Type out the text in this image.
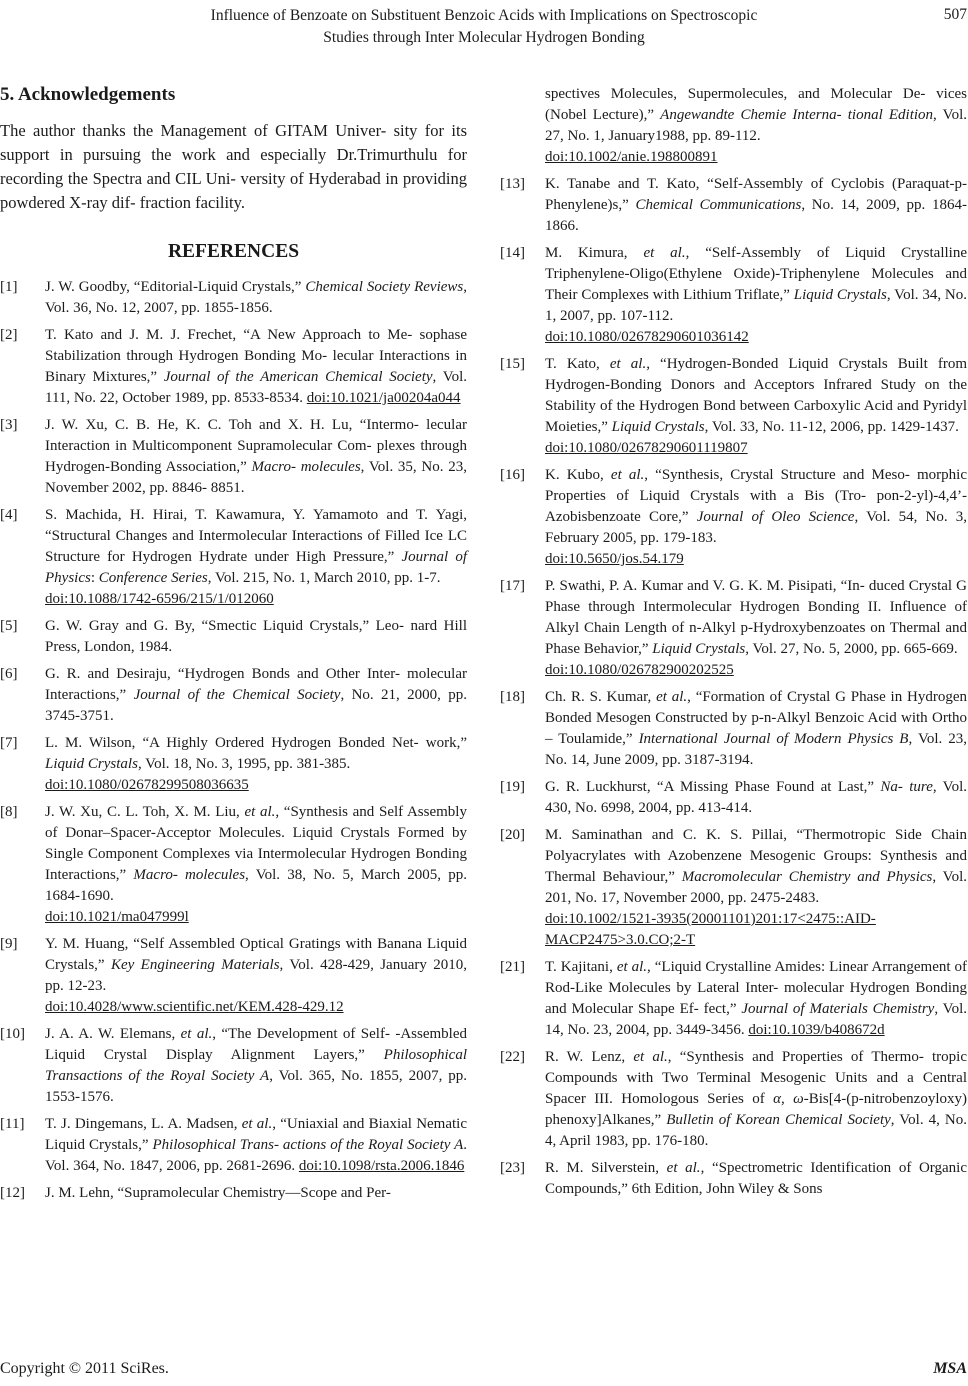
Influence of Benzoate on Substituent Benzoic Acids with Implications on Spectroscopic
Studies through Inter Molecular Hydrogen Bonding
507
5. Acknowledgements

The author thanks the Management of GITAM Univer- sity for its support in pursuing the work and especially Dr.Trimurthulu for recording the Spectra and CIL Uni- versity of Hyderabad in providing powdered X-ray dif- fraction facility.

REFERENCES
[1] J. W. Goodby, “Editorial-Liquid Crystals,” Chemical Society Reviews, Vol. 36, No. 12, 2007, pp. 1855-1856.
[2] T. Kato and J. M. J. Frechet, “A New Approach to Me- sophase Stabilization through Hydrogen Bonding Mo- lecular Interactions in Binary Mixtures,” Journal of the American Chemical Society, Vol. 111, No. 22, October 1989, pp. 8533-8534. doi:10.1021/ja00204a044
[3] J. W. Xu, C. B. He, K. C. Toh and X. H. Lu, “Intermo- lecular Interaction in Multicomponent Supramolecular Com- plexes through Hydrogen-Bonding Association,” Macro- molecules, Vol. 35, No. 23, November 2002, pp. 8846- 8851.
[4] S. Machida, H. Hirai, T. Kawamura, Y. Yamamoto and T. Yagi, “Structural Changes and Intermolecular Interactions of Filled Ice LC Structure for Hydrogen Hydrate under High Pressure,” Journal of Physics: Conference Series, Vol. 215, No. 1, March 2010, pp. 1-7.
doi:10.1088/1742-6596/215/1/012060
[5] G. W. Gray and G. By, “Smectic Liquid Crystals,” Leo- nard Hill Press, London, 1984.
[6] G. R. and Desiraju, “Hydrogen Bonds and Other Inter- molecular Interactions,” Journal of the Chemical Society, No. 21, 2000, pp. 3745-3751.
[7] L. M. Wilson, “A Highly Ordered Hydrogen Bonded Net- work,” Liquid Crystals, Vol. 18, No. 3, 1995, pp. 381-385.
doi:10.1080/02678299508036635
[8] J. W. Xu, C. L. Toh, X. M. Liu, et al., “Synthesis and Self Assembly of Donar–Spacer-Acceptor Molecules. Liquid Crystals Formed by Single Component Complexes via Intermolecular Hydrogen Bonding Interactions,” Macro- molecules, Vol. 38, No. 5, March 2005, pp. 1684-1690.
doi:10.1021/ma047999l
[9] Y. M. Huang, “Self Assembled Optical Gratings with Banana Liquid Crystals,” Key Engineering Materials, Vol. 428-429, January 2010, pp. 12-23.
doi:10.4028/www.scientific.net/KEM.428-429.12
[10] J. A. A. W. Elemans, et al., “The Development of Self- -Assembled Liquid Crystal Display Alignment Layers,” Philosophical Transactions of the Royal Society A, Vol. 365, No. 1855, 2007, pp. 1553-1576.
[11] T. J. Dingemans, L. A. Madsen, et al., “Uniaxial and Biaxial Nematic Liquid Crystals,” Philosophical Trans- actions of the Royal Society A. Vol. 364, No. 1847, 2006, pp. 2681-2696. doi:10.1098/rsta.2006.1846
[12] J. M. Lehn, “Supramolecular Chemistry—Scope and Per-
spectives Molecules, Supermolecules, and Molecular De- vices (Nobel Lecture),” Angewandte Chemie Interna- tional Edition, Vol. 27, No. 1, January1988, pp. 89-112.
doi:10.1002/anie.198800891
[13] K. Tanabe and T. Kato, “Self-Assembly of Cyclobis (Paraquat-p-Phenylene)s,” Chemical Communications, No. 14, 2009, pp. 1864-1866.
[14] M. Kimura, et al., “Self-Assembly of Liquid Crystalline Triphenylene-Oligo(Ethylene Oxide)-Triphenylene Molecules and Their Complexes with Lithium Triflate,” Liquid Crystals, Vol. 34, No. 1, 2007, pp. 107-112.
doi:10.1080/02678290601036142
[15] T. Kato, et al., “Hydrogen-Bonded Liquid Crystals Built from Hydrogen-Bonding Donors and Acceptors Infrared Study on the Stability of the Hydrogen Bond between Carboxylic Acid and Pyridyl Moieties,” Liquid Crystals, Vol. 33, No. 11-12, 2006, pp. 1429-1437.
doi:10.1080/02678290601119807
[16] K. Kubo, et al., “Synthesis, Crystal Structure and Meso- morphic Properties of Liquid Crystals with a Bis (Tro- pon-2-yl)-4,4’-Azobisbenzoate Core,” Journal of Oleo Science, Vol. 54, No. 3, February 2005, pp. 179-183.
doi:10.5650/jos.54.179
[17] P. Swathi, P. A. Kumar and V. G. K. M. Pisipati, “In- duced Crystal G Phase through Intermolecular Hydrogen Bonding II. Influence of Alkyl Chain Length of n-Alkyl p-Hydroxybenzoates on Thermal and Phase Behavior,” Liquid Crystals, Vol. 27, No. 5, 2000, pp. 665-669.
doi:10.1080/026782900202525
[18] Ch. R. S. Kumar, et al., “Formation of Crystal G Phase in Hydrogen Bonded Mesogen Constructed by p-n-Alkyl Benzoic Acid with Ortho – Toulamide,” International Journal of Modern Physics B, Vol. 23, No. 14, June 2009, pp. 3187-3194.
[19] G. R. Luckhurst, “A Missing Phase Found at Last,” Na- ture, Vol. 430, No. 6998, 2004, pp. 413-414.
[20] M. Saminathan and C. K. S. Pillai, “Thermotropic Side Chain Polyacrylates with Azobenzene Mesogenic Groups: Synthesis and Thermal Behaviour,” Macromolecular Chemistry and Physics, Vol. 201, No. 17, November 2000, pp. 2475-2483.
doi:10.1002/1521-3935(20001101)201:17<2475::AID-MACP2475>3.0.CO;2-T
[21] T. Kajitani, et al., “Liquid Crystalline Amides: Linear Arrangement of Rod-Like Molecules by Lateral Inter- molecular Hydrogen Bonding and Molecular Shape Ef- fect,” Journal of Materials Chemistry, Vol. 14, No. 23, 2004, pp. 3449-3456. doi:10.1039/b408672d
[22] R. W. Lenz, et al., “Synthesis and Properties of Thermo- tropic Compounds with Two Terminal Mesogenic Units and a Central Spacer III. Homologous Series of α, ω-Bis[4-(p-nitrobenzoyloxy) phenoxy]Alkanes,” Bulletin of Korean Chemical Society, Vol. 4, No. 4, April 1983, pp. 176-180.
[23] R. M. Silverstein, et al., “Spectrometric Identification of Organic Compounds,” 6th Edition, John Wiley & Sons
Copyright © 2011 SciRes.	MSA
